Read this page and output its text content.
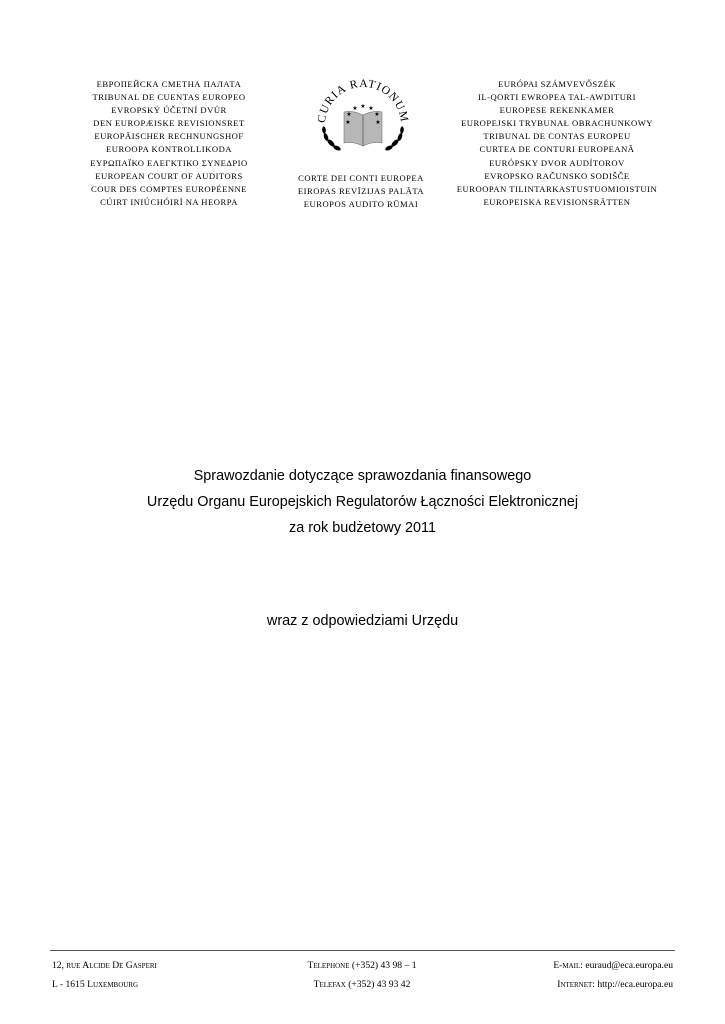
ЕВРОПЕЙСКА СМЕТНА ПАЛАТА
TRIBUNAL DE CUENTAS EUROPEO
EVROPSKÝ ÚČETNÍ DVŮR
DEN EUROPÆISKE REVISIONSRET
EUROPÄISCHER RECHNUNGSHOF
EUROOPA KONTROLLIKODA
ΕΥΡΩΠΑΪΚΟ ΕΛΕΓΚΤΙΚΟ ΣΥΝΕΔΡΙΟ
EUROPEAN COURT OF AUDITORS
COUR DES COMPTES EUROPÉENNE
CÚIRT INIÚCHÓIRÍ NA HEORPA
CURIA RATIONUM
★
★ ★
★	★
★	★
CORTE DEI CONTI EUROPEA
EIROPAS REVĪZIJAS PALĀTA
EUROPOS AUDITO RŪMAI
EURÓPAI SZÁMVEVŐSZÉK
IL-QORTI EWROPEA TAL-AWDITURI
EUROPESE REKENKAMER
EUROPEJSKI TRYBUNAŁ OBRACHUNKOWY
TRIBUNAL DE CONTAS EUROPEU
CURTEA DE CONTURI EUROPEANĂ
EURÓPSKY DVOR AUDÍTOROV
EVROPSKO RAČUNSKO SODIŠČE
EUROOPAN TILINTARKASTUSTUOMIOISTUIN
EUROPEISKA REVISIONSRÄTTEN
Sprawozdanie dotyczące sprawozdania finansowego
Urzędu Organu Europejskich Regulatorów Łączności Elektronicznej
za rok budżetowy 2011
wraz z odpowiedziami Urzędu
12, rue Alcide De Gasperi
L - 1615 Luxembourg
Telephone (+352) 43 98 – 1
Telefax (+352) 43 93 42
E-mail: euraud@eca.europa.eu
Internet: http://eca.europa.eu
